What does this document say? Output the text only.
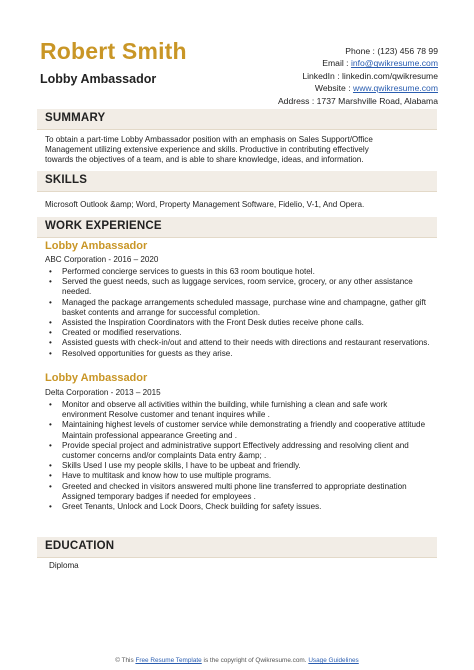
Robert Smith
Lobby Ambassador
Phone : (123) 456 78 99
Email : info@qwikresume.com
LinkedIn : linkedin.com/qwikresume
Website : www.qwikresume.com
Address : 1737 Marshville Road, Alabama
SUMMARY
To obtain a part-time Lobby Ambassador position with an emphasis on Sales Support/Office
Management utilizing extensive experience and skills. Productive in contributing effectively
towards the objectives of a team, and is able to share knowledge, ideas, and information.
SKILLS
Microsoft Outlook &amp; Word, Property Management Software, Fidelio, V-1, And Opera.
WORK EXPERIENCE
Lobby Ambassador
ABC Corporation - 2016 – 2020
• Performed concierge services to guests in this 63 room boutique hotel.
• Served the guest needs, such as luggage services, room service, grocery, or any other assistance needed.
• Managed the package arrangements scheduled massage, purchase wine and champagne, gather gift basket contents and arrange for successful completion.
• Assisted the Inspiration Coordinators with the Front Desk duties receive phone calls.
• Created or modified reservations.
• Assisted guests with check-in/out and attend to their needs with directions and restaurant reservations.
• Resolved opportunities for guests as they arise.
Lobby Ambassador
Delta Corporation - 2013 – 2015
• Monitor and observe all activities within the building, while furnishing a clean and safe work environment Resolve customer and tenant inquires while .
• Maintaining highest levels of customer service while demonstrating a friendly and cooperative attitude Maintain professional appearance Greeting and .
• Provide special project and administrative support Effectively addressing and resolving client and customer concerns and/or complaints Data entry &amp; .
• Skills Used I use my people skills, I have to be upbeat and friendly.
• Have to multitask and know how to use multiple programs.
• Greeted and checked in visitors answered multi phone line transferred to appropriate destination Assigned temporary badges if needed for employees .
• Greet Tenants, Unlock and Lock Doors, Check building for safety issues.
EDUCATION
Diploma
© This Free Resume Template is the copyright of Qwikresume.com. Usage Guidelines
